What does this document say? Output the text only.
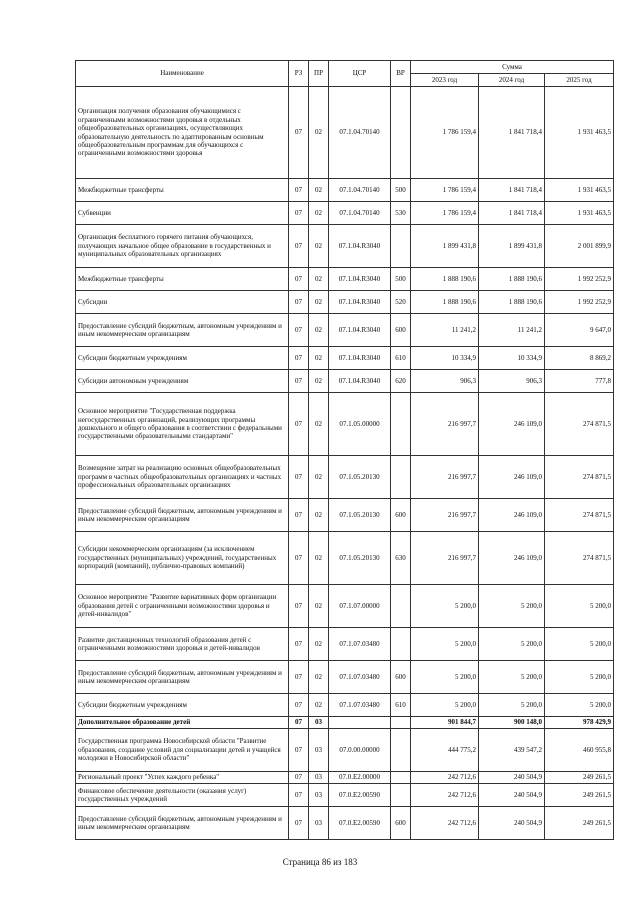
Наименование	РЗ	ПР	ЦСР	ВР	Сумма		
					2023 год	2024 год	2025 год
Организация получения образования обучающимися с ограниченными возможностями здоровья в отдельных общеобразовательных организациях, осуществляющих образовательную деятельность по адаптированным основным общеобразовательным программам для обучающихся с ограниченными возможностями здоровья	07	02	07.1.04.70140		1 786 159,4	1 841 718,4	1 931 463,5
Межбюджетные трансферты	07	02	07.1.04.70140	500	1 786 159,4	1 841 718,4	1 931 463,5
Субвенции	07	02	07.1.04.70140	530	1 786 159,4	1 841 718,4	1 931 463,5
Организация бесплатного горячего питания обучающихся, получающих начальное общее образование в государственных и муниципальных образовательных организациях	07	02	07.1.04.R3040		1 899 431,8	1 899 431,8	2 001 899,9
Межбюджетные трансферты	07	02	07.1.04.R3040	500	1 888 190,6	1 888 190,6	1 992 252,9
Субсидии	07	02	07.1.04.R3040	520	1 888 190,6	1 888 190,6	1 992 252,9
Предоставление субсидий бюджетным, автономным учреждениям и иным некоммерческим организациям	07	02	07.1.04.R3040	600	11 241,2	11 241,2	9 647,0
Субсидии бюджетным учреждениям	07	02	07.1.04.R3040	610	10 334,9	10 334,9	8 869,2
Субсидии автономным учреждениям	07	02	07.1.04.R3040	620	906,3	906,3	777,8
Основное мероприятие "Государственная поддержка негосударственных организаций, реализующих программы дошкольного и общего образования в соответствии с федеральными государственными образовательными стандартами"	07	02	07.1.05.00000		216 997,7	246 109,0	274 871,5
Возмещение затрат на реализацию основных общеобразовательных программ в частных общеобразовательных организациях и частных профессиональных образовательных организациях	07	02	07.1.05.20130		216 997,7	246 109,0	274 871,5
Предоставление субсидий бюджетным, автономным учреждениям и иным некоммерческим организациям	07	02	07.1.05.20130	600	216 997,7	246 109,0	274 871,5
Субсидии некоммерческим организациям (за исключением государственных (муниципальных) учреждений, государственных корпораций (компаний), публично-правовых компаний)	07	02	07.1.05.20130	630	216 997,7	246 109,0	274 871,5
Основное мероприятие "Развитие вариативных форм организации образования детей с ограниченными возможностями здоровья и детей-инвалидов"	07	02	07.1.07.00000		5 200,0	5 200,0	5 200,0
Развитие дистанционных технологий образования детей с ограниченными возможностями здоровья и детей-инвалидов	07	02	07.1.07.03480		5 200,0	5 200,0	5 200,0
Предоставление субсидий бюджетным, автономным учреждениям и иным некоммерческим организациям	07	02	07.1.07.03480	600	5 200,0	5 200,0	5 200,0
Субсидии бюджетным учреждениям	07	02	07.1.07.03480	610	5 200,0	5 200,0	5 200,0
Дополнительное образование детей	07	03			901 844,7	900 148,0	978 429,9
Государственная программа Новосибирской области "Развитие образования, создание условий для социализации детей и учащейся молодежи в Новосибирской области"	07	03	07.0.00.00000		444 775,2	439 547,2	460 955,8
Региональный проект "Успех каждого ребенка"	07	03	07.0.E2.00000		242 712,6	240 504,9	249 261,5
Финансовое обеспечение деятельности (оказания услуг) государственных учреждений	07	03	07.0.E2.00590		242 712,6	240 504,9	249 261,5
Предоставление субсидий бюджетным, автономным учреждениям и иным некоммерческим организациям	07	03	07.0.E2.00590	600	242 712,6	240 504,9	249 261,5
Страница 86 из 183
